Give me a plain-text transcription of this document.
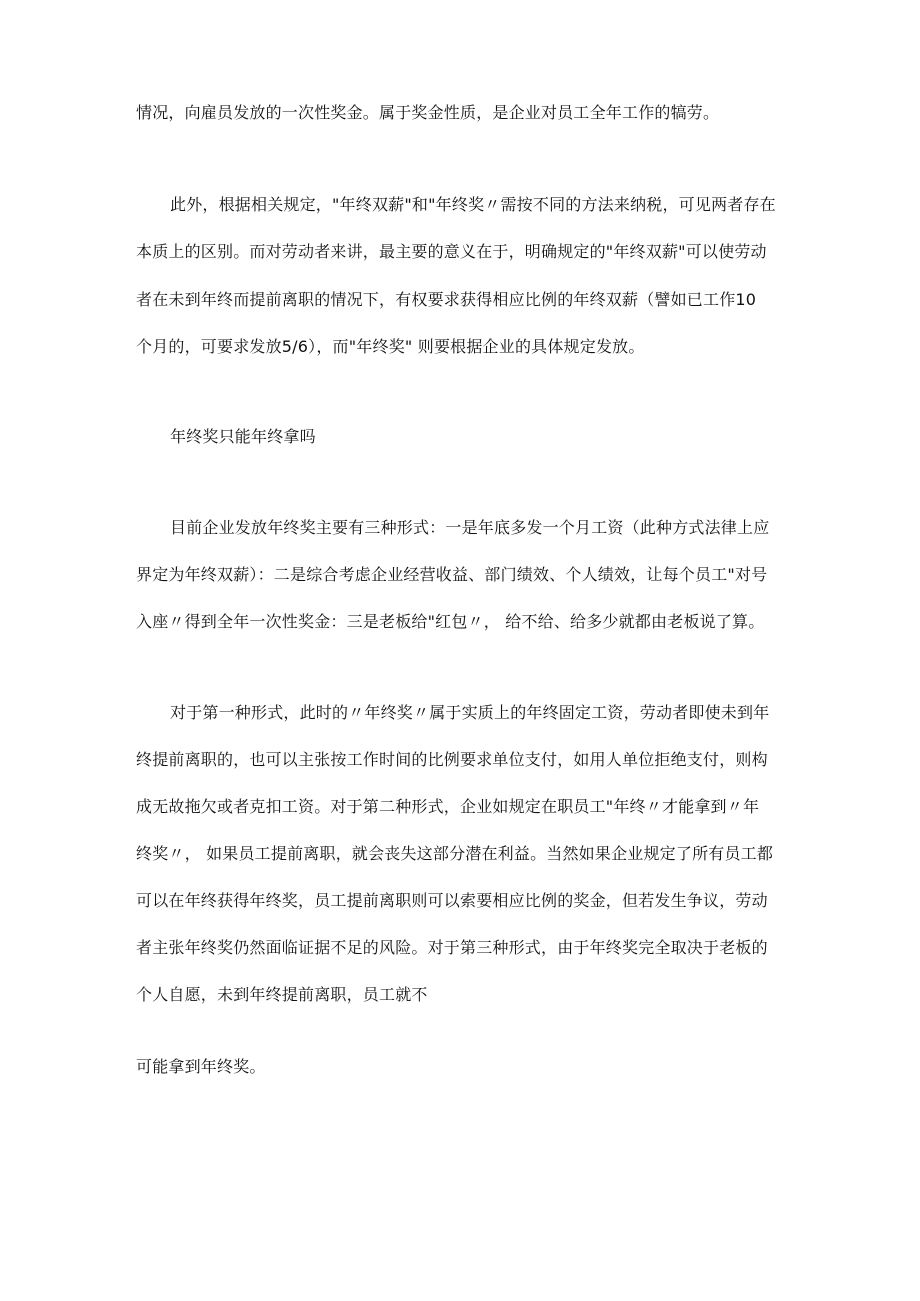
情况，向雇员发放的一次性奖金。属于奖金性质，是企业对员工全年工作的犒劳。

此外，根据相关规定，"年终双薪"和"年终奖〃需按不同的方法来纳税，可见两者存在

本质上的区别。而对劳动者来讲，最主要的意义在于，明确规定的"年终双薪"可以使劳动

者在未到年终而提前离职的情况下，有权要求获得相应比例的年终双薪（譬如已工作10

个月的，可要求发放5/6），而"年终奖" 则要根据企业的具体规定发放。

年终奖只能年终拿吗

目前企业发放年终奖主要有三种形式：一是年底多发一个月工资（此种方式法律上应

界定为年终双薪）：二是综合考虑企业经营收益、部门绩效、个人绩效，让每个员工"对号

入座〃得到全年一次性奖金：三是老板给"红包〃， 给不给、给多少就都由老板说了算。

对于第一种形式，此时的〃年终奖〃属于实质上的年终固定工资，劳动者即使未到年

终提前离职的，也可以主张按工作时间的比例要求单位支付，如用人单位拒绝支付，则构

成无故拖欠或者克扣工资。对于第二种形式，企业如规定在职员工"年终〃才能拿到〃年

终奖〃， 如果员工提前离职，就会丧失这部分潜在利益。当然如果企业规定了所有员工都

可以在年终获得年终奖，员工提前离职则可以索要相应比例的奖金，但若发生争议，劳动

者主张年终奖仍然面临证据不足的风险。对于第三种形式，由于年终奖完全取决于老板的

个人自愿，未到年终提前离职，员工就不

可能拿到年终奖。
